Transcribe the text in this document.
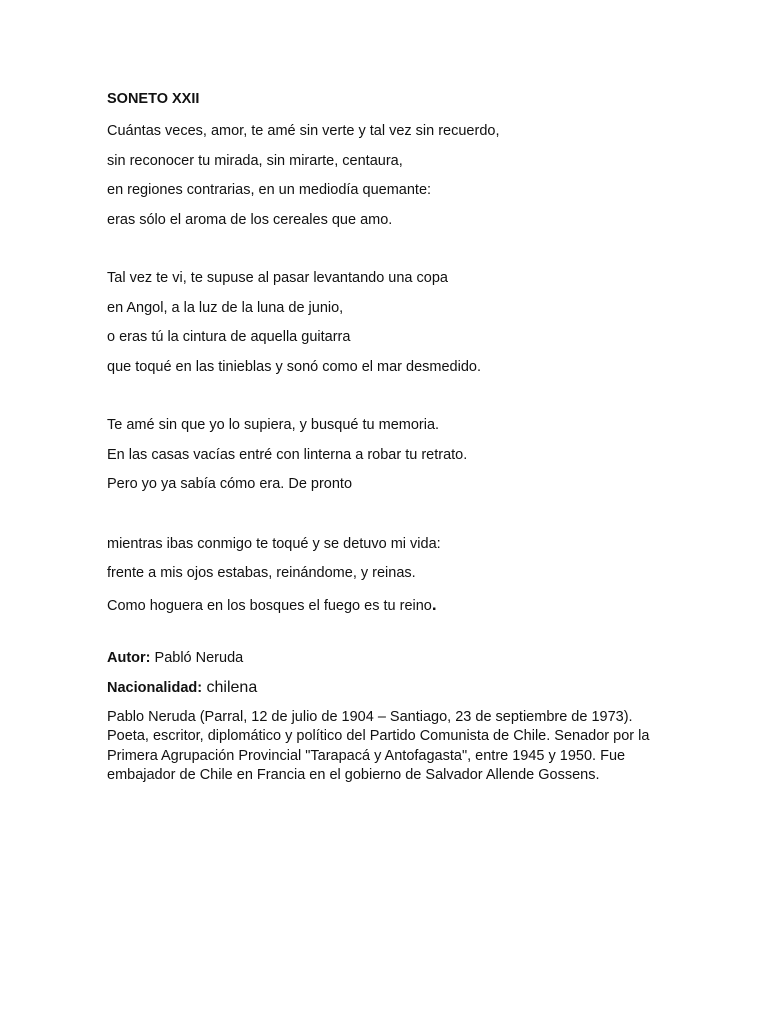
SONETO XXII

Cuántas veces, amor, te amé sin verte y tal vez sin recuerdo,

sin reconocer tu mirada, sin mirarte, centaura,

en regiones contrarias, en un mediodía quemante:

eras sólo el aroma de los cereales que amo.

Tal vez te vi, te supuse al pasar levantando una copa

en Angol, a la luz de la luna de junio,

o eras tú la cintura de aquella guitarra

que toqué en las tinieblas y sonó como el mar desmedido.

Te amé sin que yo lo supiera, y busqué tu memoria.

En las casas vacías entré con linterna a robar tu retrato.

Pero yo ya sabía cómo era. De pronto

mientras ibas conmigo te toqué y se detuvo mi vida:

frente a mis ojos estabas, reinándome, y reinas.

Como hoguera en los bosques el fuego es tu reino.

Autor: Pabló Neruda

Nacionalidad: chilena

Pablo Neruda (Parral, 12 de julio de 1904 – Santiago, 23 de septiembre de 1973). Poeta, escritor, diplomático y político del Partido Comunista de Chile. Senador por la Primera Agrupación Provincial "Tarapacá y Antofagasta", entre 1945 y 1950. Fue embajador de Chile en Francia en el gobierno de Salvador Allende Gossens.
